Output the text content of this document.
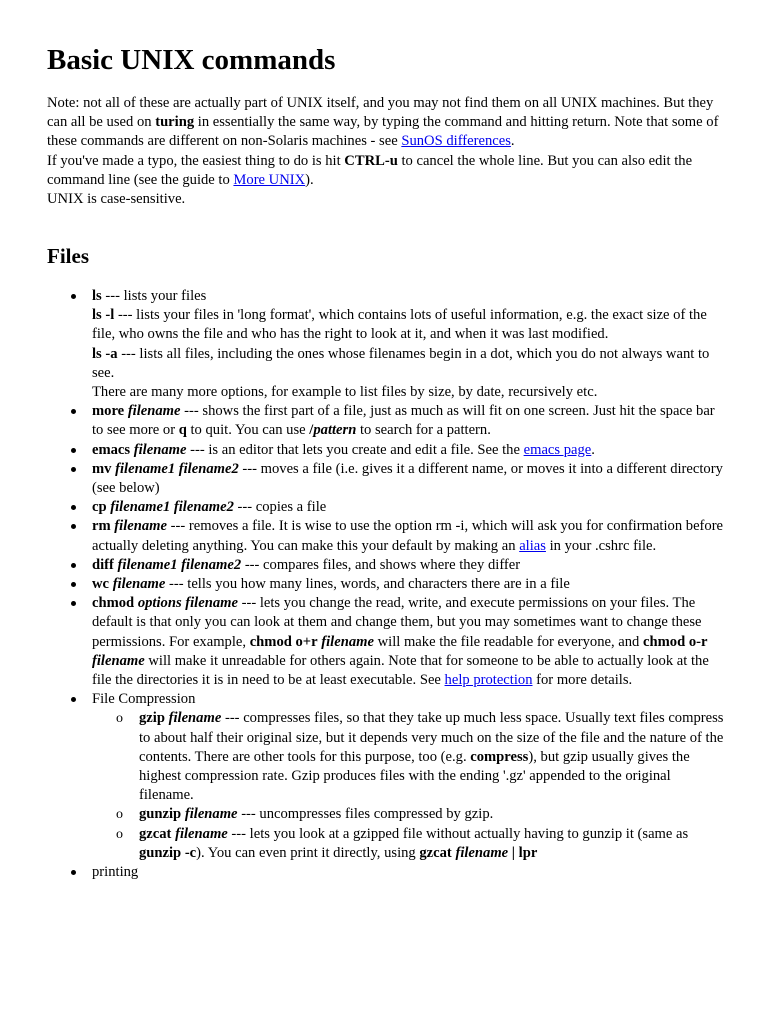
Basic UNIX commands

Note: not all of these are actually part of UNIX itself, and you may not find them on all UNIX machines. But they can all be used on turing in essentially the same way, by typing the command and hitting return. Note that some of these commands are different on non-Solaris machines - see SunOS differences.

If you've made a typo, the easiest thing to do is hit CTRL-u to cancel the whole line. But you can also edit the command line (see the guide to More UNIX).

UNIX is case-sensitive.

Files
ls --- lists your files
ls -l --- lists your files in 'long format', which contains lots of useful information, e.g. the exact size of the file, who owns the file and who has the right to look at it, and when it was last modified.
ls -a --- lists all files, including the ones whose filenames begin in a dot, which you do not always want to see.
There are many more options, for example to list files by size, by date, recursively etc.
more filename --- shows the first part of a file, just as much as will fit on one screen. Just hit the space bar to see more or q to quit. You can use /pattern to search for a pattern.
emacs filename --- is an editor that lets you create and edit a file. See the emacs page.
mv filename1 filename2 --- moves a file (i.e. gives it a different name, or moves it into a different directory (see below)
cp filename1 filename2 --- copies a file
rm filename --- removes a file. It is wise to use the option rm -i, which will ask you for confirmation before actually deleting anything. You can make this your default by making an alias in your .cshrc file.
diff filename1 filename2 --- compares files, and shows where they differ
wc filename --- tells you how many lines, words, and characters there are in a file
chmod options filename --- lets you change the read, write, and execute permissions on your files. The default is that only you can look at them and change them, but you may sometimes want to change these permissions. For example, chmod o+r filename will make the file readable for everyone, and chmod o-r filename will make it unreadable for others again. Note that for someone to be able to actually look at the file the directories it is in need to be at least executable. See help protection for more details.
File Compression
o gzip filename --- compresses files, so that they take up much less space. Usually text files compress to about half their original size, but it depends very much on the size of the file and the nature of the contents. There are other tools for this purpose, too (e.g. compress), but gzip usually gives the highest compression rate. Gzip produces files with the ending '.gz' appended to the original filename.
o gunzip filename --- uncompresses files compressed by gzip.
o gzcat filename --- lets you look at a gzipped file without actually having to gunzip it (same as gunzip -c). You can even print it directly, using gzcat filename | lpr
printing
